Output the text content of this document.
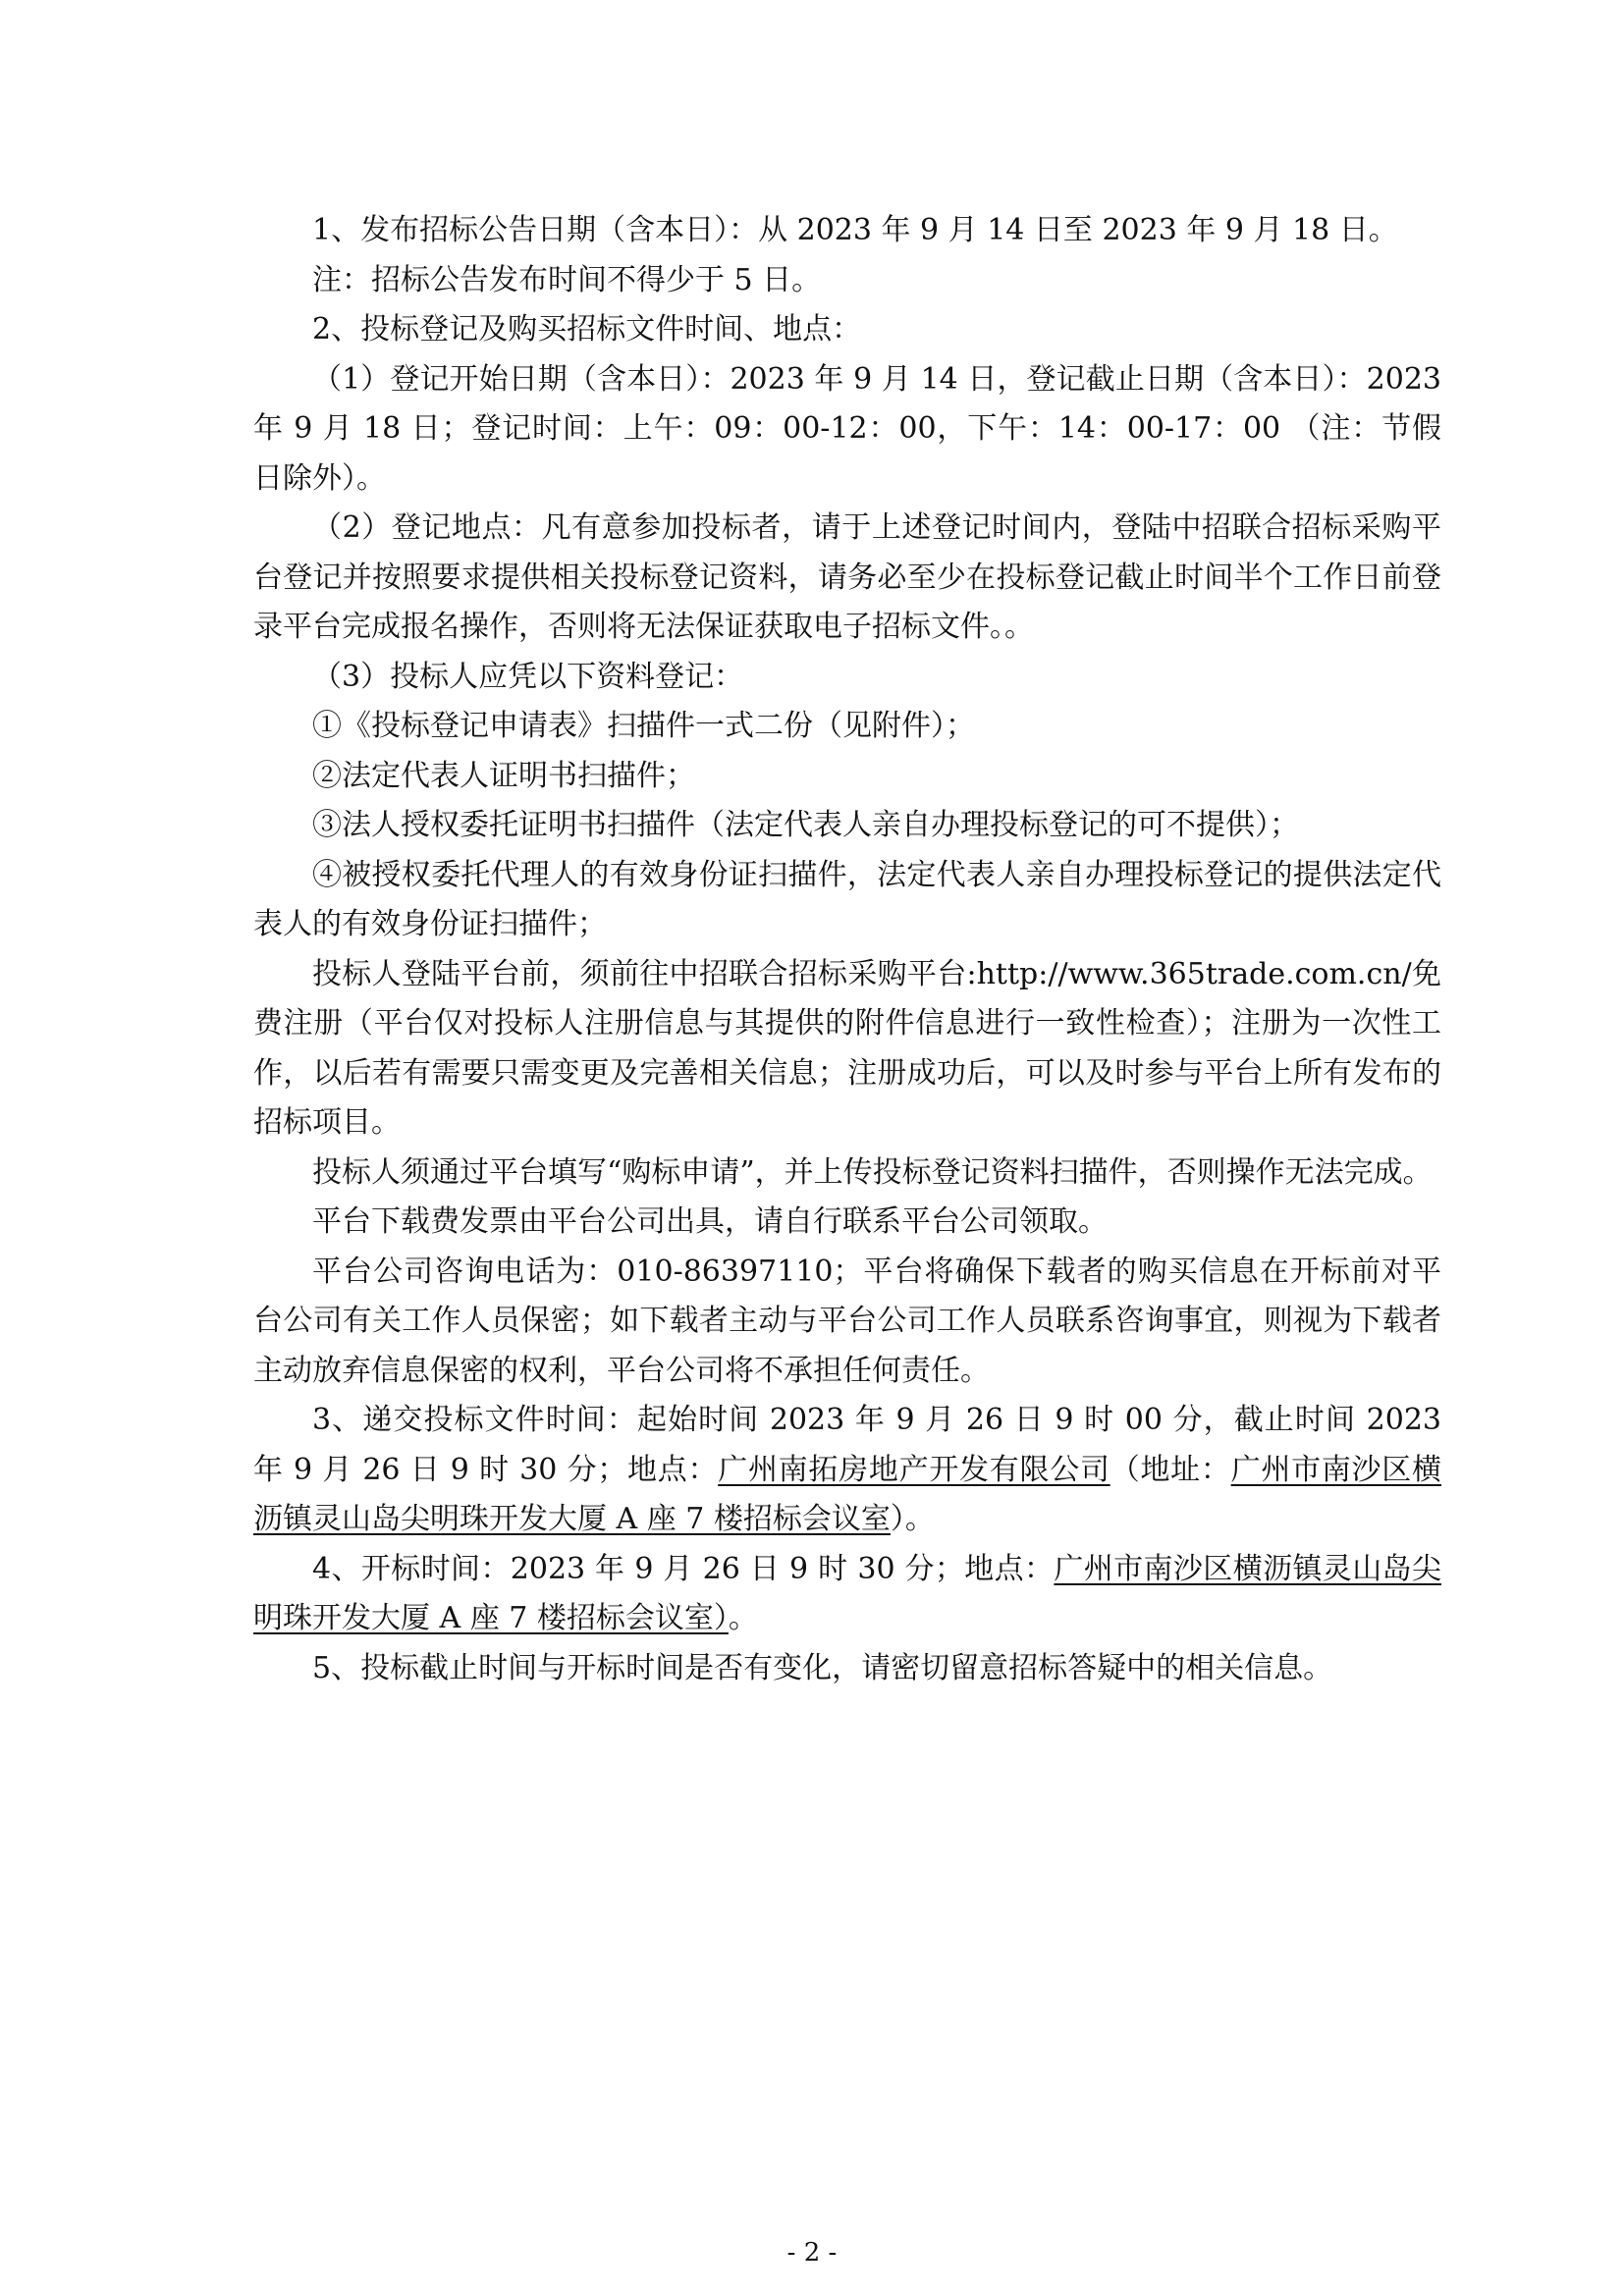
1、发布招标公告日期（含本日）：从 2023 年 9 月 14 日至 2023 年 9 月 18 日。

注：招标公告发布时间不得少于 5 日。

2、投标登记及购买招标文件时间、地点：

（1）登记开始日期（含本日）：2023 年 9 月 14 日，登记截止日期（含本日）：2023 年 9 月 18 日；登记时间：上午：09：00-12：00，下午：14：00-17：00 （注：节假日除外）。

（2）登记地点：凡有意参加投标者，请于上述登记时间内，登陆中招联合招标采购平台登记并按照要求提供相关投标登记资料，请务必至少在投标登记截止时间半个工作日前登录平台完成报名操作，否则将无法保证获取电子招标文件。。

（3）投标人应凭以下资料登记：

①《投标登记申请表》扫描件一式二份（见附件）；

②法定代表人证明书扫描件；

③法人授权委托证明书扫描件（法定代表人亲自办理投标登记的可不提供）；

④被授权委托代理人的有效身份证扫描件，法定代表人亲自办理投标登记的提供法定代表人的有效身份证扫描件；

投标人登陆平台前，须前往中招联合招标采购平台:http://www.365trade.com.cn/免费注册（平台仅对投标人注册信息与其提供的附件信息进行一致性检查）；注册为一次性工作，以后若有需要只需变更及完善相关信息；注册成功后，可以及时参与平台上所有发布的招标项目。

投标人须通过平台填写“购标申请”，并上传投标登记资料扫描件，否则操作无法完成。

平台下载费发票由平台公司出具，请自行联系平台公司领取。

平台公司咨询电话为：010-86397110；平台将确保下载者的购买信息在开标前对平台公司有关工作人员保密；如下载者主动与平台公司工作人员联系咨询事宜，则视为下载者主动放弃信息保密的权利，平台公司将不承担任何责任。

3、递交投标文件时间：起始时间 2023 年 9 月 26 日 9 时 00 分，截止时间 2023 年 9 月 26 日 9 时 30 分；地点：广州南拓房地产开发有限公司（地址：广州市南沙区横沥镇灵山岛尖明珠开发大厦 A 座 7 楼招标会议室）。

4、开标时间：2023 年 9 月 26 日 9 时 30 分；地点：广州市南沙区横沥镇灵山岛尖明珠开发大厦 A 座 7 楼招标会议室）。

5、投标截止时间与开标时间是否有变化，请密切留意招标答疑中的相关信息。

- 2 -
